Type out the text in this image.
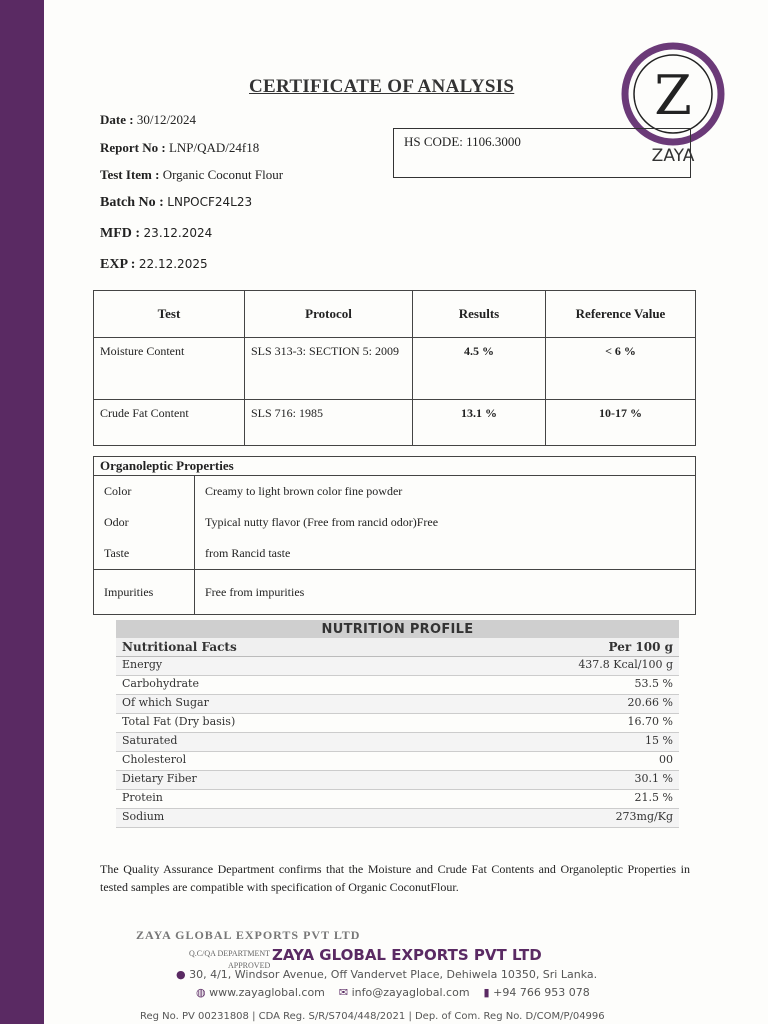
CERTIFICATE OF ANALYSIS	Z
ZAYA
Date : 30/12/2024
Report No : LNP/QAD/24f18
Test Item : Organic Coconut Flour
Batch No : LNPOCF24L23
MFD : 23.12.2024
EXP : 22.12.2025
HS CODE: 1106.3000
Test	Protocol	Results	Reference Value
Moisture Content	SLS 313-3: SECTION 5: 2009	4.5 %	< 6 %
Crude Fat Content	SLS 716: 1985	13.1 %	10-17 %
Organoleptic Properties
Color	Creamy to light brown color fine powder
Odor	Typical nutty flavor (Free from rancid odor)Free
Taste	from Rancid taste
Impurities	Free from impurities
NUTRITION PROFILE
Nutritional Facts	Per 100 g
Energy	437.8 Kcal/100 g
Carbohydrate	53.5 %
Of which Sugar	20.66 %
Total Fat (Dry basis)	16.70 %
Saturated	15 %
Cholesterol	00
Dietary Fiber	30.1 %
Protein	21.5 %
Sodium	273mg/Kg
The Quality Assurance Department confirms that the Moisture and Crude Fat Contents and Organoleptic Properties in tested samples are compatible with specification of Organic CoconutFlour.
ZAYA GLOBAL EXPORTS PVT LTD
Q.C/QA DEPARTMENT
APPROVED
ZAYA GLOBAL EXPORTS PVT LTD
● 30, 4/1, Windsor Avenue, Off Vandervet Place, Dehiwela 10350, Sri Lanka.
◍ www.zayaglobal.com ✉ info@zayaglobal.com ▮ +94 766 953 078
Reg No. PV 00231808 | CDA Reg. S/R/S704/448/2021 | Dep. of Com. Reg No. D/COM/P/04996
